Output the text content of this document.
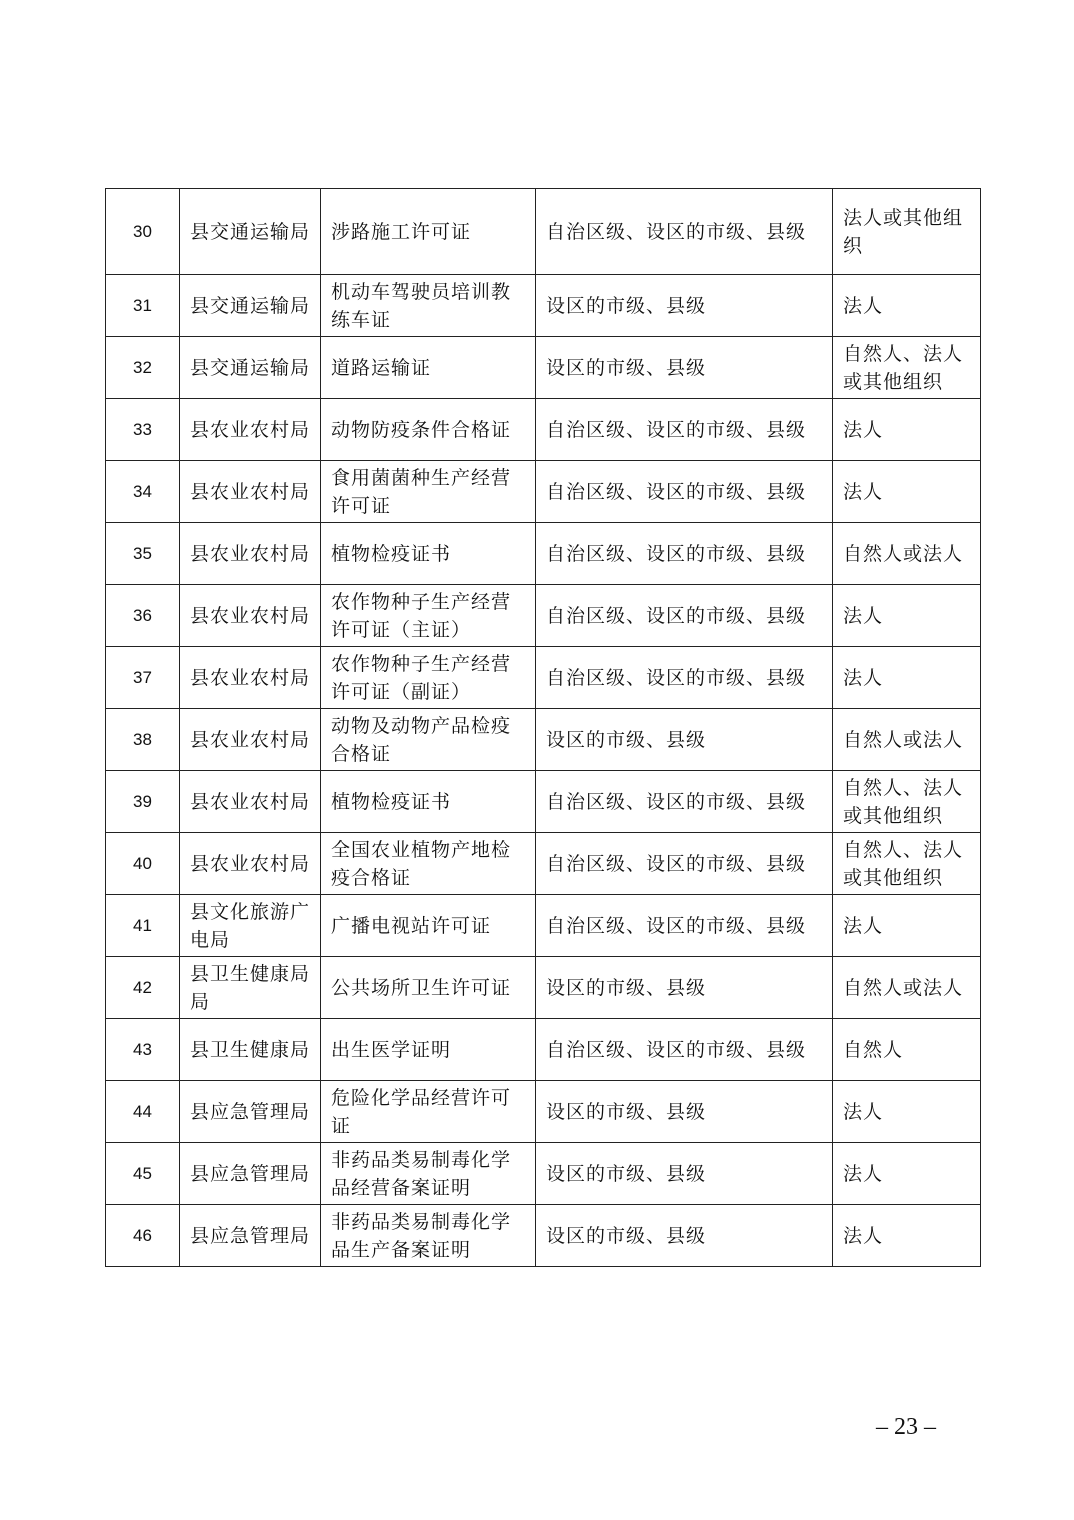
30	县交通运输局	涉路施工许可证	自治区级、设区的市级、县级	法人或其他组织
31	县交通运输局	机动车驾驶员培训教练车证	设区的市级、县级	法人
32	县交通运输局	道路运输证	设区的市级、县级	自然人、法人或其他组织
33	县农业农村局	动物防疫条件合格证	自治区级、设区的市级、县级	法人
34	县农业农村局	食用菌菌种生产经营许可证	自治区级、设区的市级、县级	法人
35	县农业农村局	植物检疫证书	自治区级、设区的市级、县级	自然人或法人
36	县农业农村局	农作物种子生产经营许可证（主证）	自治区级、设区的市级、县级	法人
37	县农业农村局	农作物种子生产经营许可证（副证）	自治区级、设区的市级、县级	法人
38	县农业农村局	动物及动物产品检疫合格证	设区的市级、县级	自然人或法人
39	县农业农村局	植物检疫证书	自治区级、设区的市级、县级	自然人、法人或其他组织
40	县农业农村局	全国农业植物产地检疫合格证	自治区级、设区的市级、县级	自然人、法人或其他组织
41	县文化旅游广电局	广播电视站许可证	自治区级、设区的市级、县级	法人
42	县卫生健康局局	公共场所卫生许可证	设区的市级、县级	自然人或法人
43	县卫生健康局	出生医学证明	自治区级、设区的市级、县级	自然人
44	县应急管理局	危险化学品经营许可证	设区的市级、县级	法人
45	县应急管理局	非药品类易制毒化学品经营备案证明	设区的市级、县级	法人
46	县应急管理局	非药品类易制毒化学品生产备案证明	设区的市级、县级	法人
– 23 –
